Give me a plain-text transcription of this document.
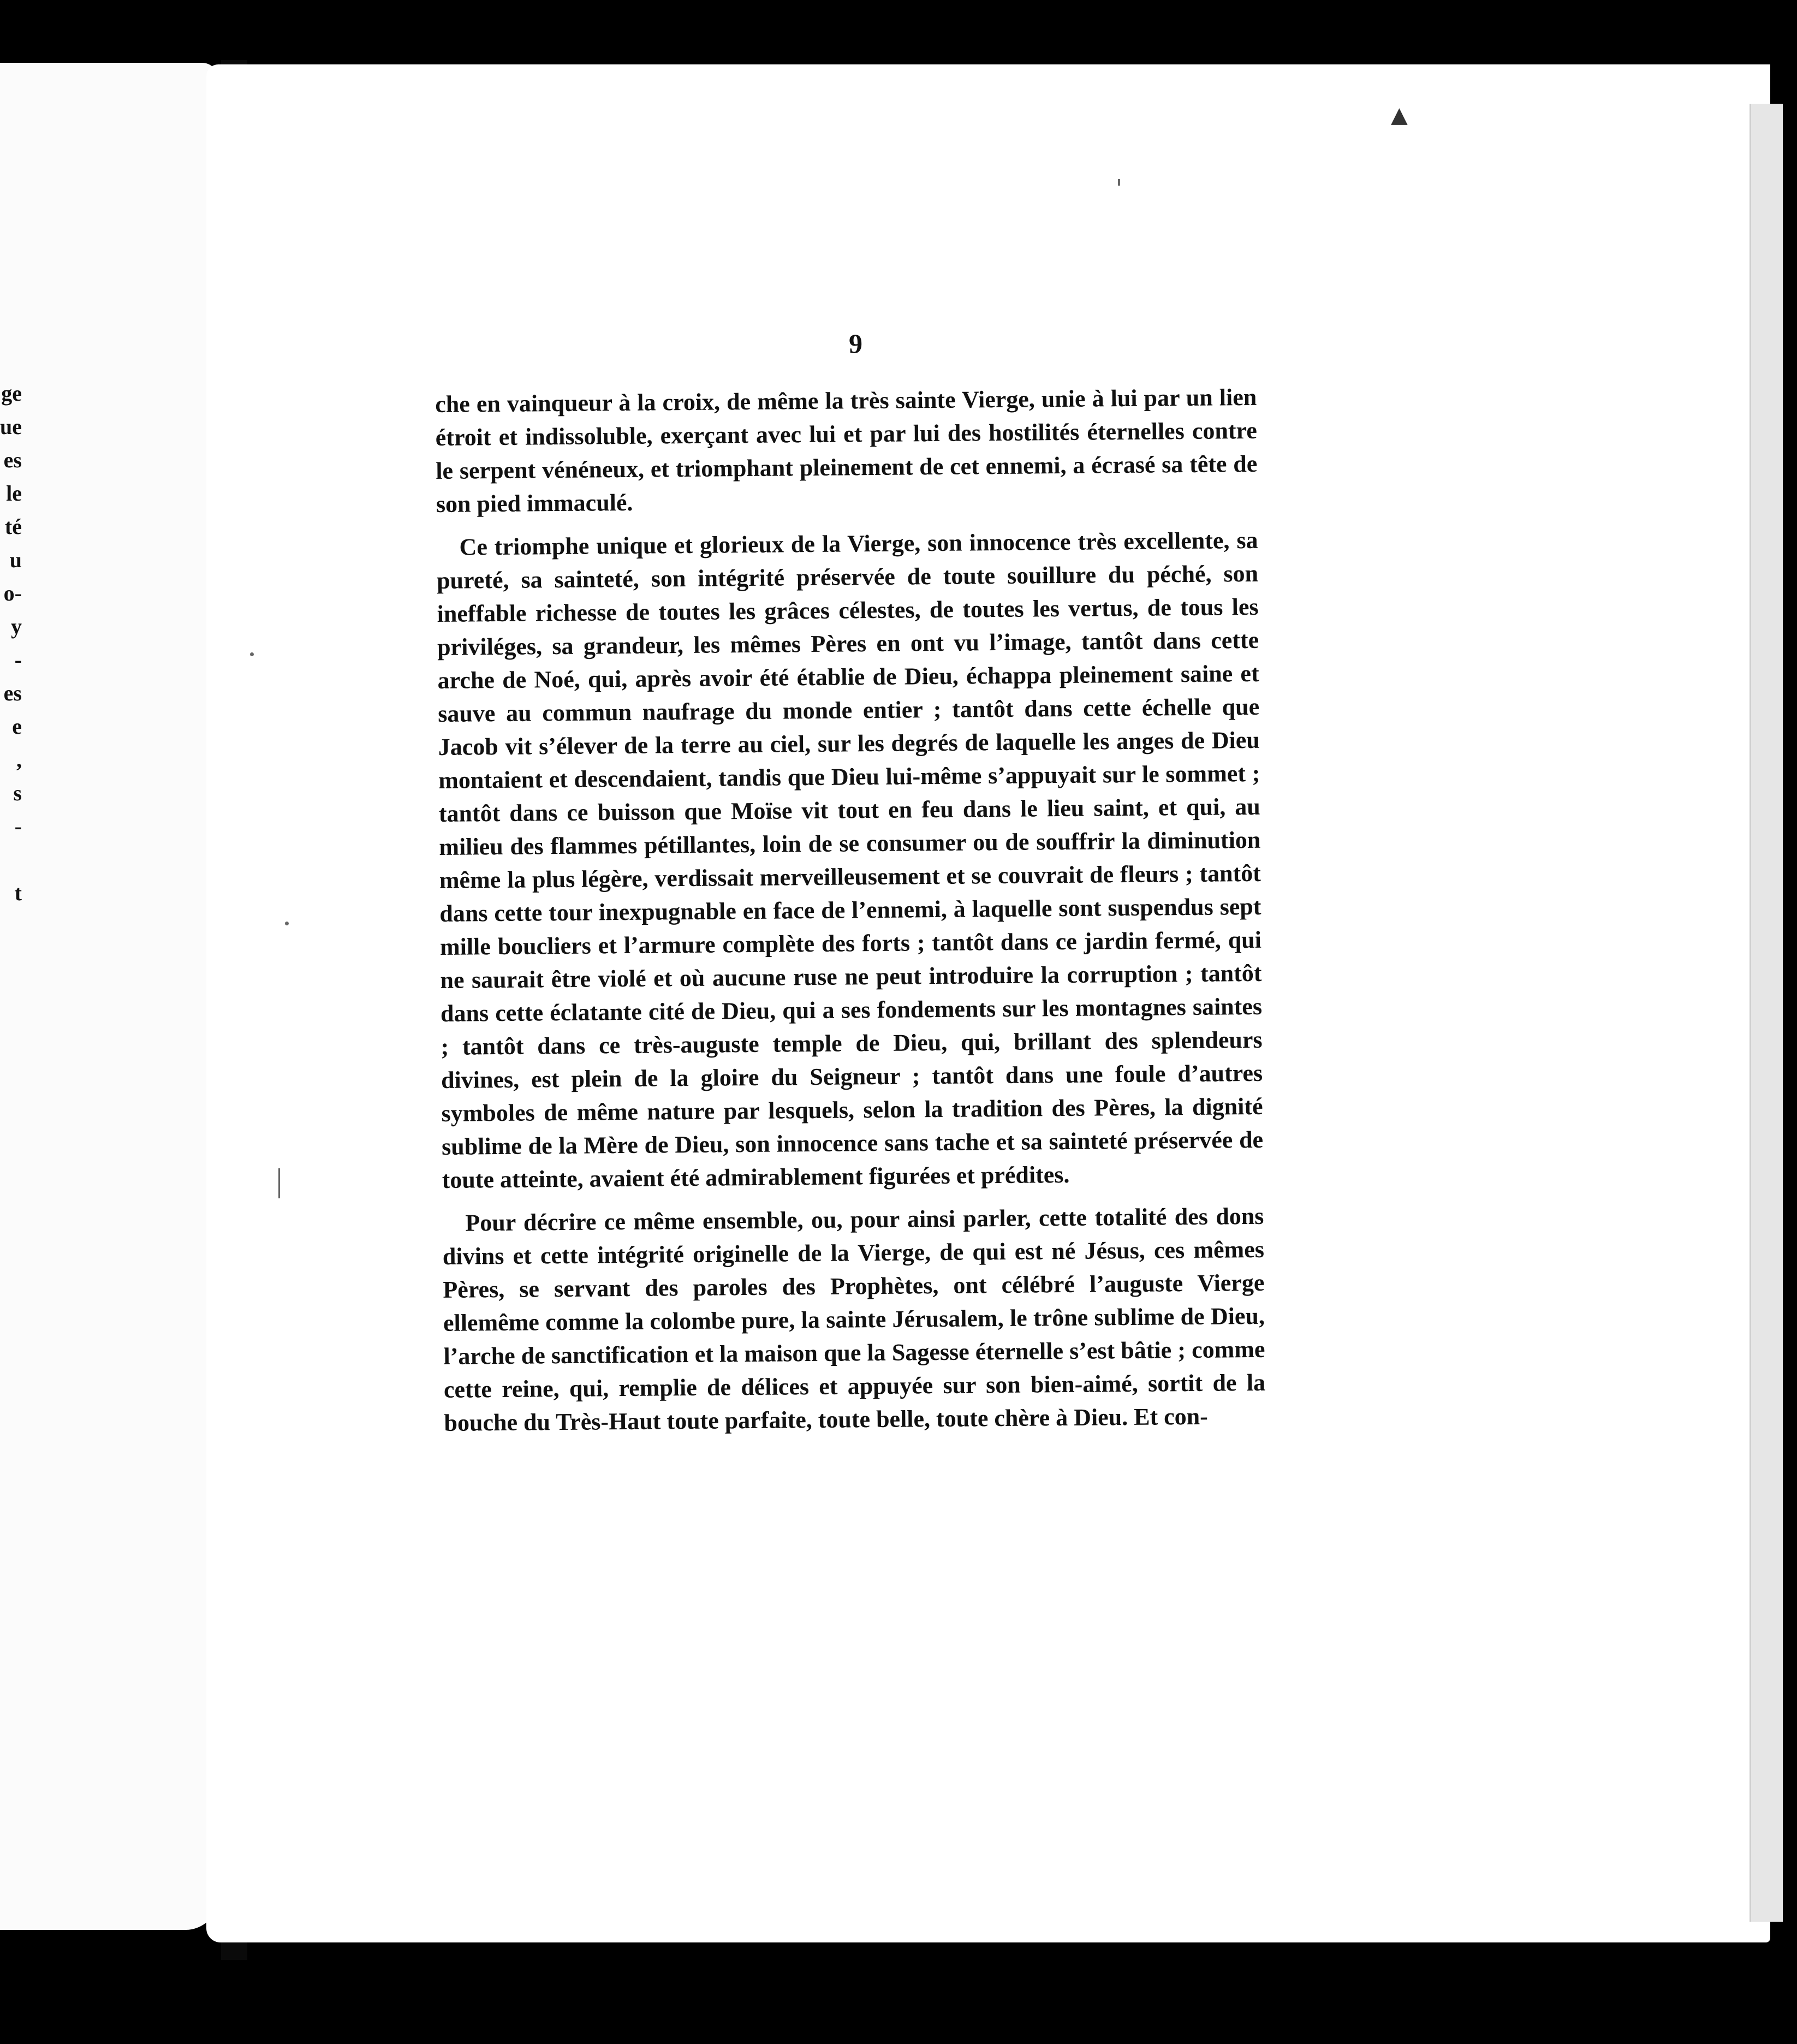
ge
ue
es
le
té
u
o-
y
-
es
e
,
s
-
t
▲
9

che en vainqueur à la croix, de même la très sainte Vierge, unie à lui par un lien étroit et indissoluble, exerçant avec lui et par lui des hostilités éternelles contre le serpent vénéneux, et triomphant pleinement de cet ennemi, a écrasé sa tête de son pied immaculé.

Ce triomphe unique et glorieux de la Vierge, son innocence très excellente, sa pureté, sa sainteté, son intégrité préservée de toute souillure du péché, son ineffable richesse de toutes les grâces célestes, de toutes les vertus, de tous les priviléges, sa grandeur, les mêmes Pères en ont vu l’image, tantôt dans cette arche de Noé, qui, après avoir été établie de Dieu, échappa pleinement saine et sauve au commun naufrage du monde entier ; tantôt dans cette échelle que Jacob vit s’élever de la terre au ciel, sur les degrés de laquelle les anges de Dieu montaient et descendaient, tandis que Dieu lui-même s’appuyait sur le sommet ; tantôt dans ce buisson que Moïse vit tout en feu dans le lieu saint, et qui, au milieu des flammes pétillantes, loin de se consumer ou de souffrir la diminution même la plus légère, verdissait merveilleusement et se couvrait de fleurs ; tantôt dans cette tour inexpugnable en face de l’ennemi, à laquelle sont suspendus sept mille boucliers et l’armure complète des forts ; tantôt dans ce jardin fermé, qui ne saurait être violé et où aucune ruse ne peut introduire la corruption ; tantôt dans cette éclatante cité de Dieu, qui a ses fondements sur les montagnes saintes ; tantôt dans ce très-auguste temple de Dieu, qui, brillant des splendeurs divines, est plein de la gloire du Seigneur ; tantôt dans une foule d’autres symboles de même nature par lesquels, selon la tradition des Pères, la dignité sublime de la Mère de Dieu, son innocence sans tache et sa sainteté préservée de toute atteinte, avaient été admirablement figurées et prédites.

Pour décrire ce même ensemble, ou, pour ainsi parler, cette totalité des dons divins et cette intégrité originelle de la Vierge, de qui est né Jésus, ces mêmes Pères, se servant des paroles des Prophètes, ont célébré l’auguste Vierge ellemême comme la colombe pure, la sainte Jérusalem, le trône sublime de Dieu, l’arche de sanctification et la maison que la Sagesse éternelle s’est bâtie ; comme cette reine, qui, remplie de délices et appuyée sur son bien-aimé, sortit de la bouche du Très-Haut toute parfaite, toute belle, toute chère à Dieu. Et con-
